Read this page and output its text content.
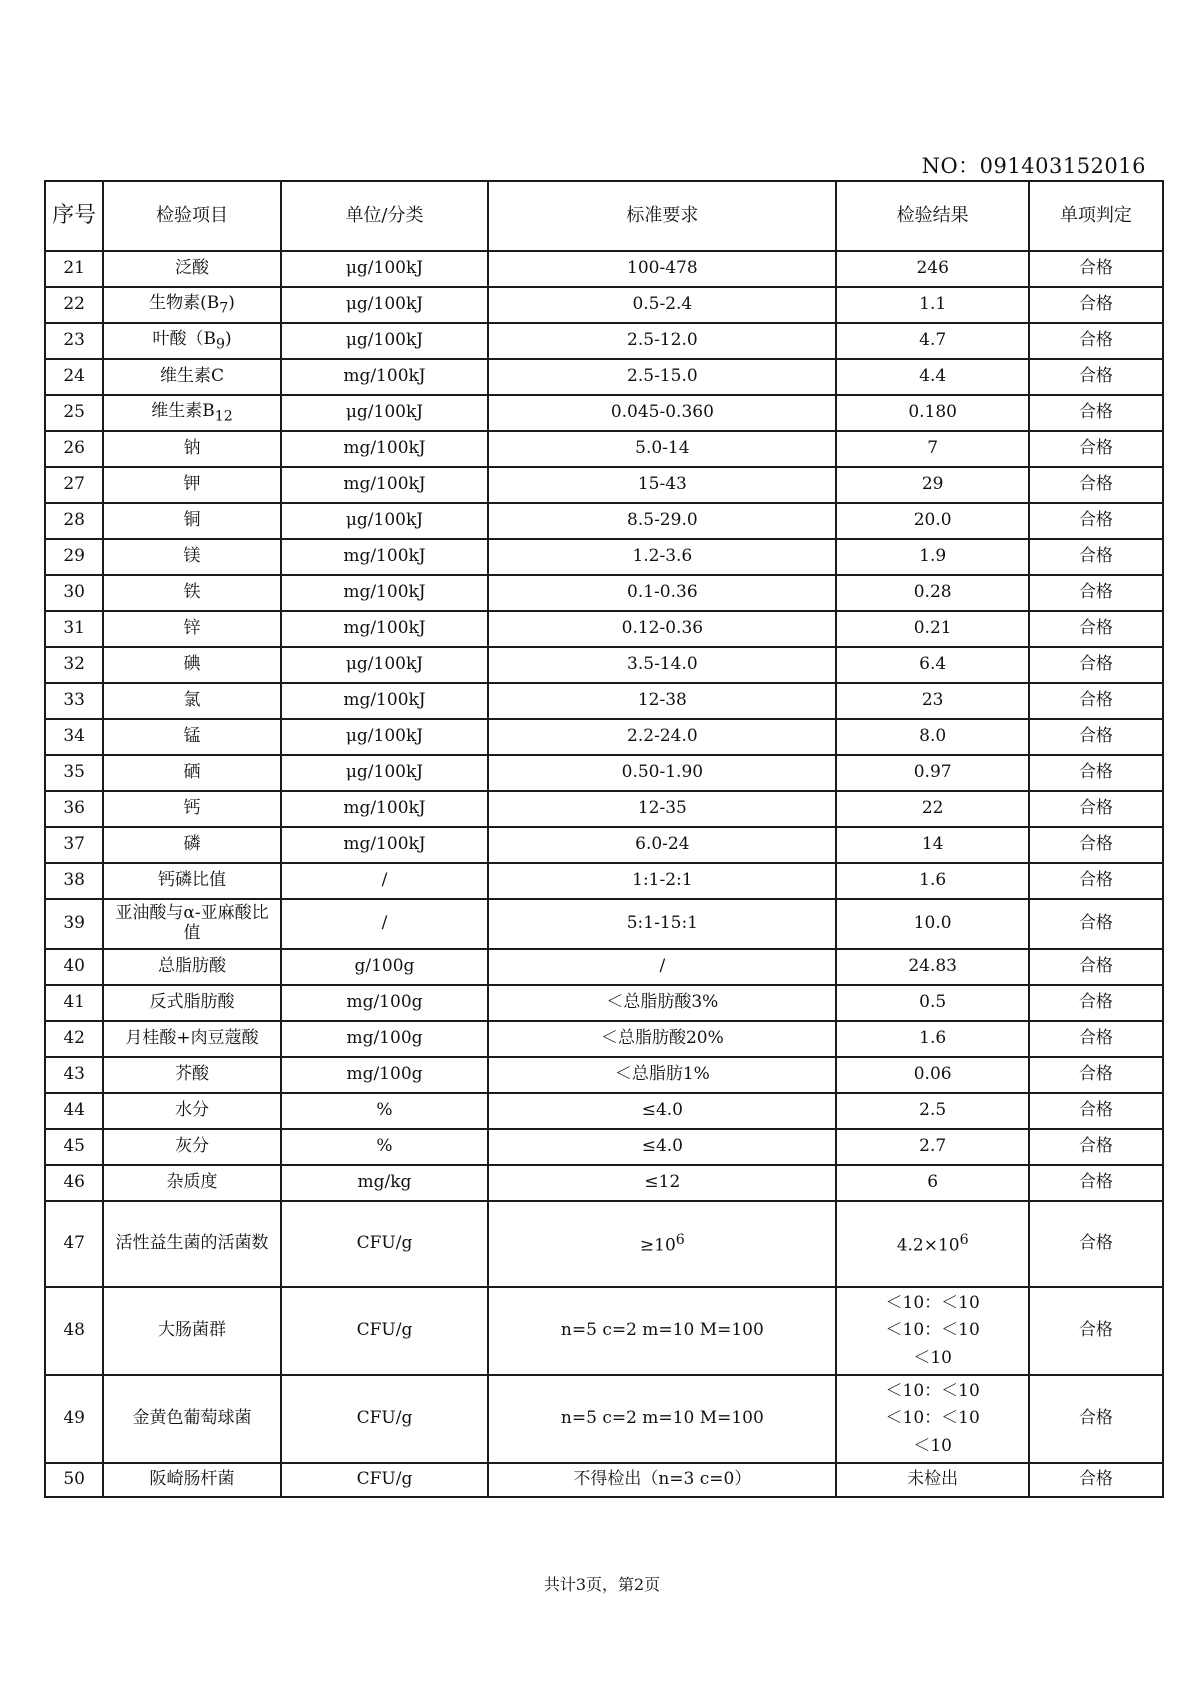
NO：091403152016
序号	检验项目	单位/分类	标准要求	检验结果	单项判定
21	泛酸	μg/100kJ	100-478	246	合格
22	生物素$(B_7)$	μg/100kJ	0.5-2.4	1.1	合格
23	叶酸$(B_9)$	μg/100kJ	2.5-12.0	4.7	合格
24	维生素C	mg/100kJ	2.5-15.0	4.4	合格
25	维生素$B_{12}$	μg/100kJ	0.045-0.360	0.180	合格
26	钠	mg/100kJ	5.0-14	7	合格
27	钾	mg/100kJ	15-43	29	合格
28	铜	μg/100kJ	8.5-29.0	20.0	合格
29	镁	mg/100kJ	1.2-3.6	1.9	合格
30	铁	mg/100kJ	0.1-0.36	0.28	合格
31	锌	mg/100kJ	0.12-0.36	0.21	合格
32	碘	μg/100kJ	3.5-14.0	6.4	合格
33	氯	mg/100kJ	12-38	23	合格
34	锰	μg/100kJ	2.2-24.0	8.0	合格
35	硒	μg/100kJ	0.50-1.90	0.97	合格
36	钙	mg/100kJ	12-35	22	合格
37	磷	mg/100kJ	6.0-24	14	合格
38	钙磷比值	/	1:1-2:1	1.6	合格
39	亚油酸与α-亚麻酸比值	/	5:1-15:1	10.0	合格
40	总脂肪酸	g/100g	/	24.83	合格
41	反式脂肪酸	mg/100g	＜总脂肪酸3%	0.5	合格
42	月桂酸+肉豆蔻酸	mg/100g	＜总脂肪酸20%	1.6	合格
43	芥酸	mg/100g	＜总脂肪1%	0.06	合格
44	水分	%	≤4.0	2.5	合格
45	灰分	%	≤4.0	2.7	合格
46	杂质度	mg/kg	≤12	6	合格
47	活性益生菌的活菌数	CFU/g	$\ge 10^6$	$4.2\times 10^6$	合格
48	大肠菌群	CFU/g	n=5 c=2 m=10 M=100	＜10：＜10
＜10：＜10
＜10	合格
49	金黄色葡萄球菌	CFU/g	n=5 c=2 m=10 M=100	＜10：＜10
＜10：＜10
＜10	合格
50	阪崎肠杆菌	CFU/g	不得检出（n=3 c=0）	未检出	合格
共计3页，第2页
